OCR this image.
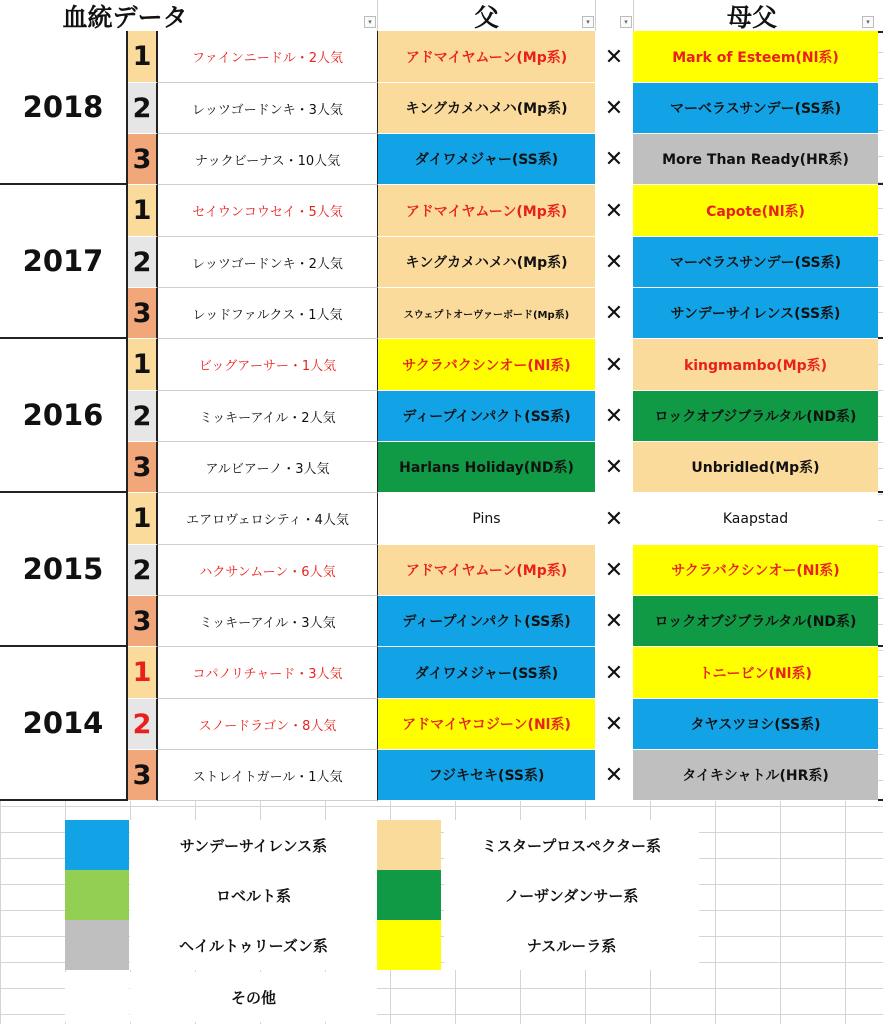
血統データ	▾	父	▾	▾	母父	▾
2018
1	ファインニードル・2人気	アドマイヤムーン(Mp系)	✕	Mark of Esteem(Nl系)
2	レッツゴードンキ・3人気	キングカメハメハ(Mp系)	✕	マーベラスサンデー(SS系)
3	ナックビーナス・10人気	ダイワメジャー(SS系)	✕	More Than Ready(HR系)
2017
1	セイウンコウセイ・5人気	アドマイヤムーン(Mp系)	✕	Capote(Nl系)
2	レッツゴードンキ・2人気	キングカメハメハ(Mp系)	✕	マーベラスサンデー(SS系)
3	レッドファルクス・1人気	スウェプトオーヴァーボード(Mp系)	✕	サンデーサイレンス(SS系)
2016
1	ビッグアーサー・1人気	サクラバクシンオー(Nl系)	✕	kingmambo(Mp系)
2	ミッキーアイル・2人気	ディープインパクト(SS系)	✕	ロックオブジブラルタル(ND系)
3	アルビアーノ・3人気	Harlans Holiday(ND系)	✕	Unbridled(Mp系)
2015
1	エアロヴェロシティ・4人気	Pins	✕	Kaapstad
2	ハクサンムーン・6人気	アドマイヤムーン(Mp系)	✕	サクラバクシンオー(Nl系)
3	ミッキーアイル・3人気	ディープインパクト(SS系)	✕	ロックオブジブラルタル(ND系)
2014
1	コパノリチャード・3人気	ダイワメジャー(SS系)	✕	トニービン(Nl系)
2	スノードラゴン・8人気	アドマイヤコジーン(Nl系)	✕	タヤスツヨシ(SS系)
3	ストレイトガール・1人気	フジキセキ(SS系)	✕	タイキシャトル(HR系)
サンデーサイレンス系	ミスタープロスペクター系
ロベルト系	ノーザンダンサー系
ヘイルトゥリーズン系	ナスルーラ系
その他
